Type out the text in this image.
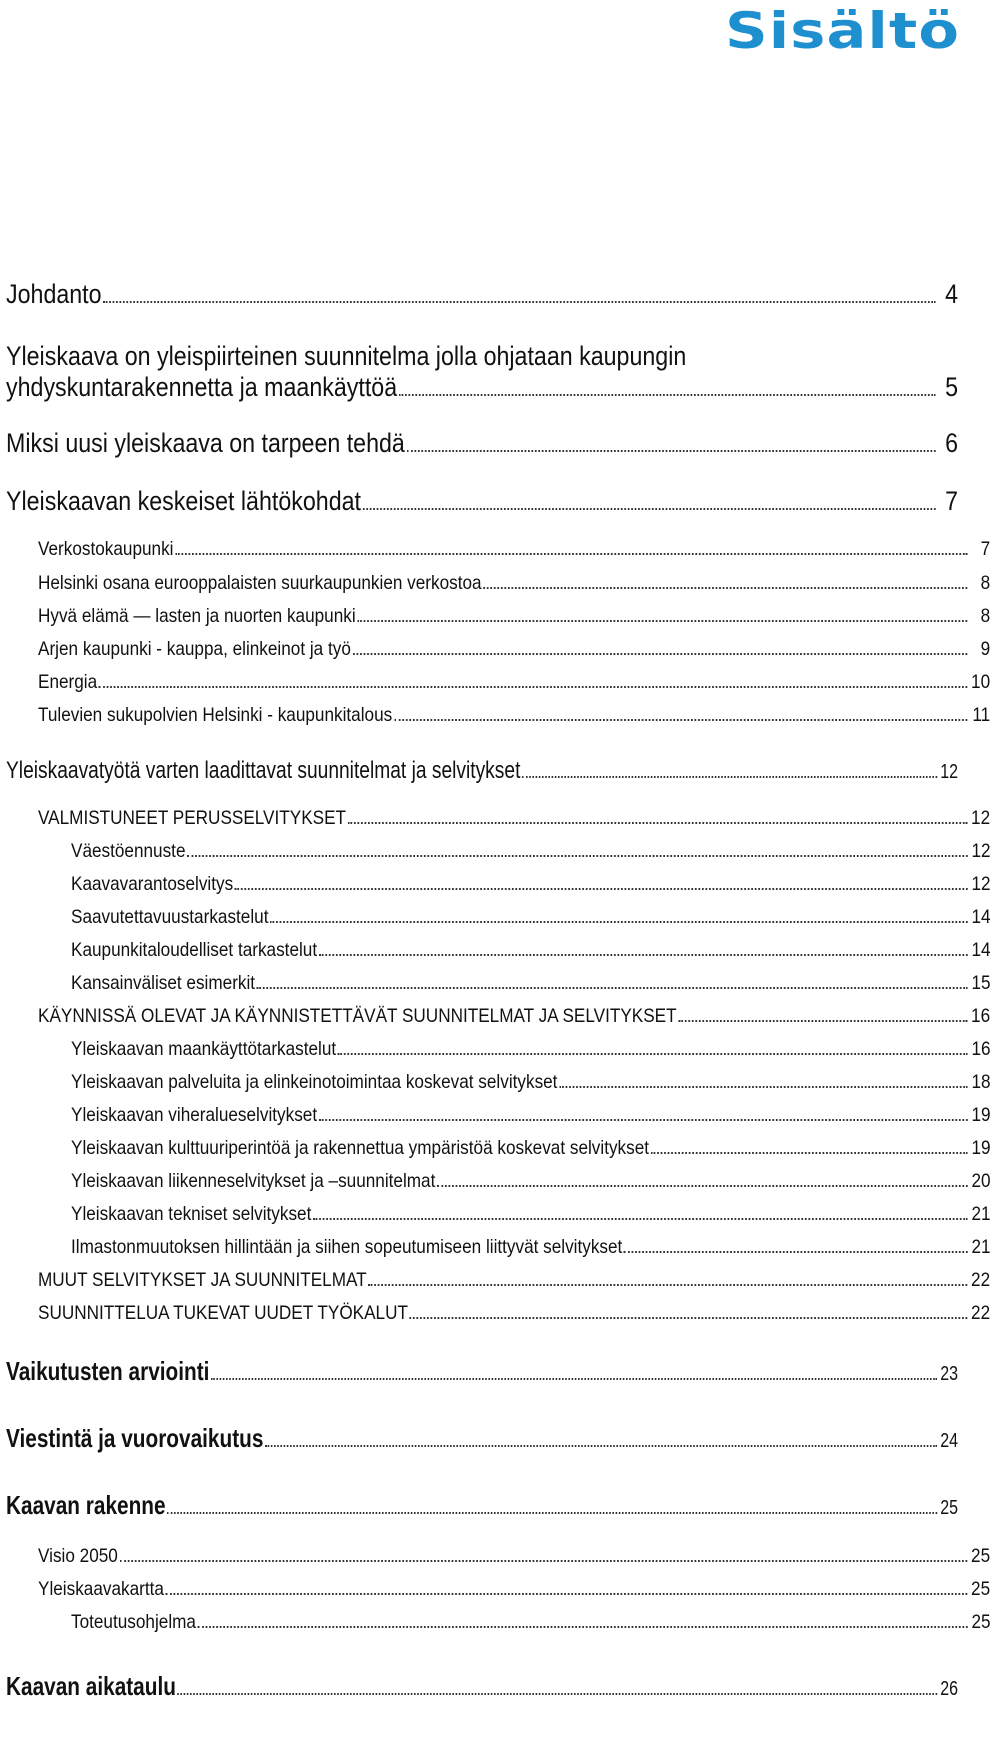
Sisältö
Johdanto	4
Yleiskaava on yleispiirteinen suunnitelma jolla ohjataan kaupungin
yhdyskuntarakennetta ja maankäyttöä	5
Miksi uusi yleiskaava on tarpeen tehdä	6
Yleiskaavan keskeiset lähtökohdat	7
Verkostokaupunki	7
Helsinki osana eurooppalaisten suurkaupunkien verkostoa	8
Hyvä elämä — lasten ja nuorten kaupunki	8
Arjen kaupunki - kauppa, elinkeinot ja työ	9
Energia	10
Tulevien sukupolvien Helsinki - kaupunkitalous	11
Yleiskaavatyötä varten laadittavat suunnitelmat ja selvitykset	12
VALMISTUNEET PERUSSELVITYKSET	12
Väestöennuste	12
Kaavavarantoselvitys	12
Saavutettavuustarkastelut	14
Kaupunkitaloudelliset tarkastelut	14
Kansainväliset esimerkit	15
KÄYNNISSÄ OLEVAT JA KÄYNNISTETTÄVÄT SUUNNITELMAT JA SELVITYKSET	16
Yleiskaavan maankäyttötarkastelut	16
Yleiskaavan palveluita ja elinkeinotoimintaa koskevat selvitykset	18
Yleiskaavan viheralueselvitykset	19
Yleiskaavan kulttuuriperintöä ja rakennettua ympäristöä koskevat selvitykset	19
Yleiskaavan liikenneselvitykset ja –suunnitelmat	20
Yleiskaavan tekniset selvitykset	21
Ilmastonmuutoksen hillintään ja siihen sopeutumiseen liittyvät selvitykset	21
MUUT SELVITYKSET JA SUUNNITELMAT	22
SUUNNITTELUA TUKEVAT UUDET TYÖKALUT	22
Vaikutusten arviointi	23
Viestintä ja vuorovaikutus	24
Kaavan rakenne	25
Visio 2050	25
Yleiskaavakartta	25
Toteutusohjelma	25
Kaavan aikataulu	26
